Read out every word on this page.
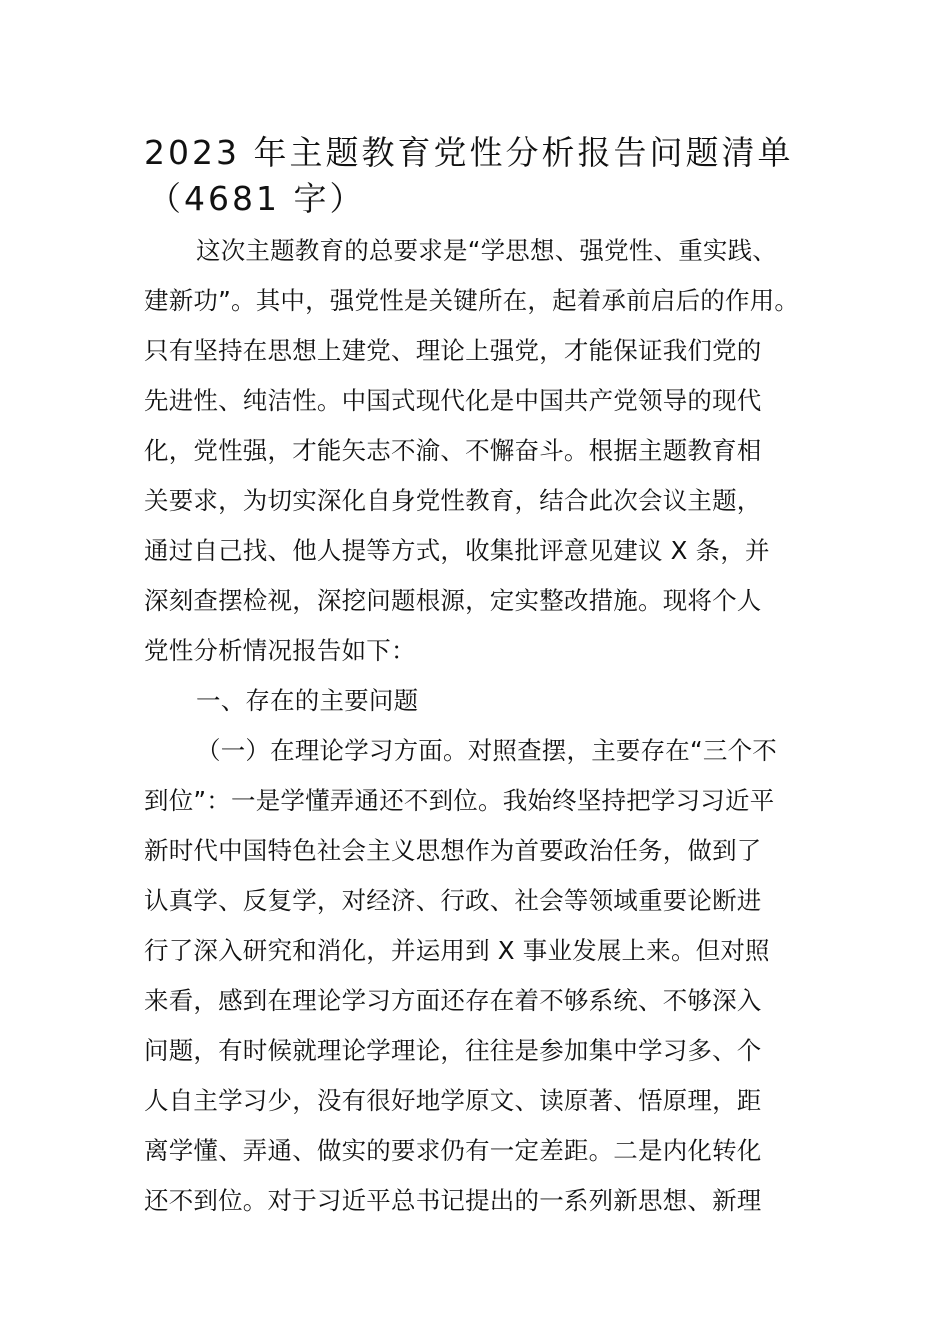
2023 年主题教育党性分析报告问题清单
（4681 字）
这次主题教育的总要求是“学思想、强党性、重实践、
建新功”。其中，强党性是关键所在，起着承前启后的作用。
只有坚持在思想上建党、理论上强党，才能保证我们党的
先进性、纯洁性。中国式现代化是中国共产党领导的现代
化，党性强，才能矢志不渝、不懈奋斗。根据主题教育相
关要求，为切实深化自身党性教育，结合此次会议主题，
通过自己找、他人提等方式，收集批评意见建议 X 条，并
深刻查摆检视，深挖问题根源，定实整改措施。现将个人
党性分析情况报告如下：
一、存在的主要问题
（一）在理论学习方面。对照查摆，主要存在“三个不
到位”：一是学懂弄通还不到位。我始终坚持把学习习近平
新时代中国特色社会主义思想作为首要政治任务，做到了
认真学、反复学，对经济、行政、社会等领域重要论断进
行了深入研究和消化，并运用到 X 事业发展上来。但对照
来看，感到在理论学习方面还存在着不够系统、不够深入
问题，有时候就理论学理论，往往是参加集中学习多、个
人自主学习少，没有很好地学原文、读原著、悟原理，距
离学懂、弄通、做实的要求仍有一定差距。二是内化转化
还不到位。对于习近平总书记提出的一系列新思想、新理
